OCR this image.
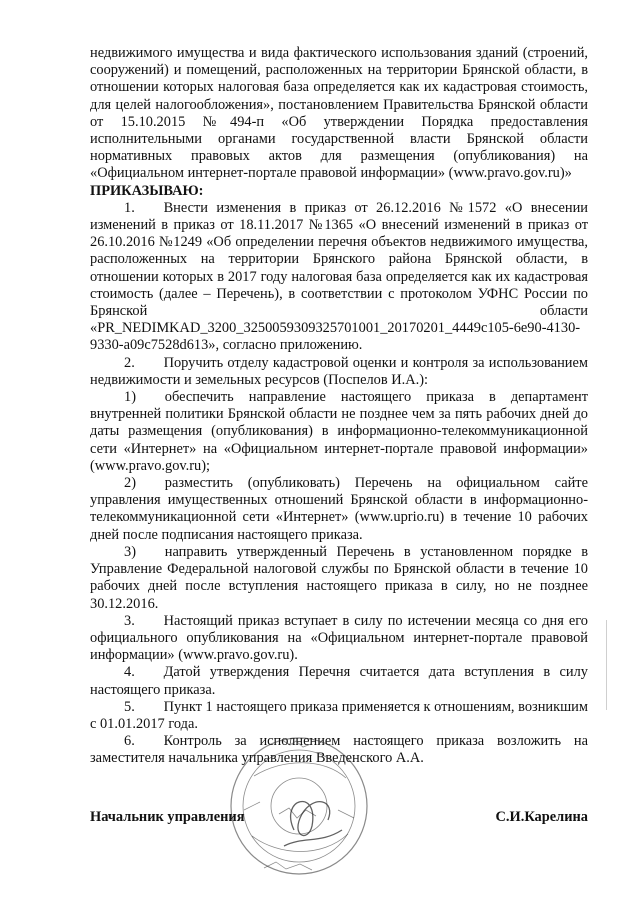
недвижимого имущества и вида фактического использования зданий (строений, сооружений) и помещений, расположенных на территории Брянской области, в отношении которых налоговая база определяется как их кадастровая стоимость, для целей налогообложения», постановлением Правительства Брянской области от 15.10.2015 №494-п «Об утверждении Порядка предоставления исполнительными органами государственной власти Брянской области нормативных правовых актов для размещения (опубликования) на «Официальном интернет-портале правовой информации» (www.pravo.gov.ru)»

ПРИКАЗЫВАЮ:

1.  Внести изменения в приказ от 26.12.2016 №1572 «О внесении изменений в приказ от 18.11.2017 №1365 «О внесений изменений в приказ от 26.10.2016 №1249 «Об определении перечня объектов недвижимого имущества, расположенных на территории Брянского района Брянской области, в отношении которых в 2017 году налоговая база определяется как их кадастровая стоимость (далее – Перечень), в соответствии с протоколом УФНС России по Брянской области «PR_NEDIMKAD_3200_3250059309325701001_20170201_4449c105-6e90-4130-9330-a09c7528d613», согласно приложению.

2.  Поручить отделу кадастровой оценки и контроля за использованием недвижимости и земельных ресурсов (Поспелов И.А.):

1)  обеспечить направление настоящего приказа в департамент внутренней политики Брянской области не позднее чем за пять рабочих дней до даты размещения (опубликования) в информационно-телекоммуникационной сети «Интернет» на «Официальном интернет-портале правовой информации» (www.pravo.gov.ru);

2)  разместить (опубликовать) Перечень на официальном сайте управления имущественных отношений Брянской области в информационно-телекоммуникационной сети «Интернет» (www.uprio.ru) в течение 10 рабочих дней после подписания настоящего приказа.

3)  направить утвержденный Перечень в установленном порядке в Управление Федеральной налоговой службы по Брянской области в течение 10 рабочих дней после вступления настоящего приказа в силу, но не позднее 30.12.2016.

3.  Настоящий приказ вступает в силу по истечении месяца со дня его официального опубликования на «Официальном интернет-портале правовой информации» (www.pravo.gov.ru).

4.  Датой утверждения Перечня считается дата вступления в силу настоящего приказа.

5.  Пункт 1 настоящего приказа применяется к отношениям, возникшим с 01.01.2017 года.

6.  Контроль за исполнением настоящего приказа возложить на заместителя начальника управления Введенского А.А.

Начальник управления	С.И.Карелина
